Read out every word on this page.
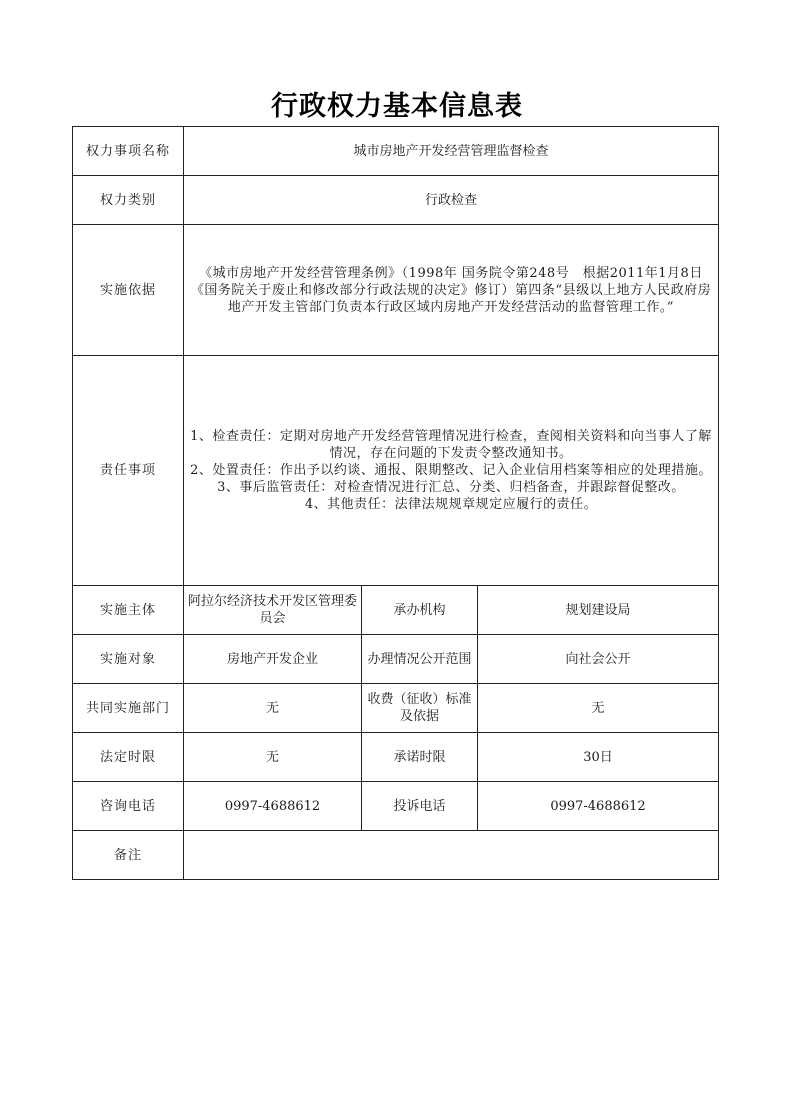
行政权力基本信息表
权力事项名称	城市房地产开发经营管理监督检查		
权力类别	行政检查		
实施依据	《城市房地产开发经营管理条例》（1998年 国务院令第248号　根据2011年1月8日《国务院关于废止和修改部分行政法规的决定》修订）第四条“县级以上地方人民政府房地产开发主管部门负责本行政区域内房地产开发经营活动的监督管理工作。”		
责任事项	1、检查责任：定期对房地产开发经营管理情况进行检查，查阅相关资料和向当事人了解情况，存在问题的下发责令整改通知书。
2、处置责任：作出予以约谈、通报、限期整改、记入企业信用档案等相应的处理措施。
3、事后监管责任：对检查情况进行汇总、分类、归档备查，并跟踪督促整改。
4、其他责任：法律法规规章规定应履行的责任。		

实施主体	阿拉尔经济技术开发区管理委员会	承办机构	规划建设局
实施对象	房地产开发企业	办理情况公开范围	向社会公开
共同实施部门	无	收费（征收）标准及依据	无
法定时限	无	承诺时限	30日
咨询电话	0997-4688612	投诉电话	0997-4688612
备注			
